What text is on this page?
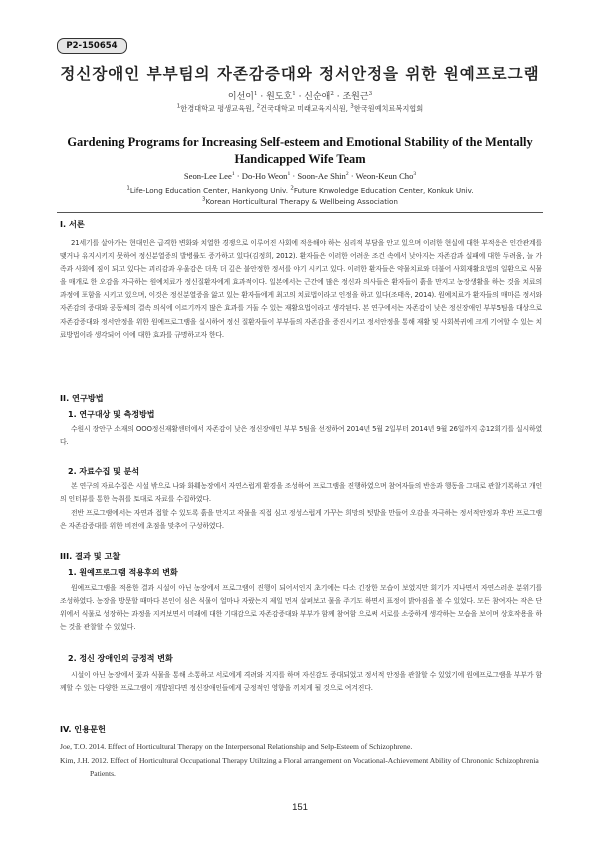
P2-150654
정신장애인 부부팀의 자존감증대와 정서안정을 위한 원예프로그램
이선이$^1$ · 원도호$^1$ · 신순애$^2$ · 조원근$^3$
$^1$한경대학교 평생교육원, $^2$건국대학교 미래교육지식원, $^3$한국원예치료복지협회
Gardening Programs for Increasing Self-esteem and Emotional Stability of the Mentally Handicapped Wife Team
Seon-Lee Lee$^1$ · Do-Ho Weon$^1$ · Soon-Ae Shin$^2$ · Weon-Keun Cho$^3$
$^1$Life-Long Education Center, Hankyong Univ. $^2$Future Knwoledge Education Center, Konkuk Univ.
$^3$Korean Horticultural Therapy & Wellbeing Association
I. 서론

21세기를 살아가는 현대인은 급격한 변화와 치열한 경쟁으로 이루어진 사회에 적응해야 하는 심리적 부담을 안고 있으며 이러한 현실에 대한 부적응은 인간관계를 맺거나 유지시키지 못하여 정신분열증의 발병률도 증가하고 있다(김정희, 2012). 환자들은 이러한 어려운 조건 속에서 낮아지는 자존감과 실패에 대한 두려움, 늘 가족과 사회에 짐이 되고 있다는 괴리감과 우울감은 더욱 더 깊은 불안정한 정서를 야기 시키고 있다. 이러한 환자들은 약물치료와 더불어 사회재활요법의 일환으로 식물을 매개로 한 오감을 자극하는 원예치료가 정신질환자에게 효과적이다. 일본에서는 근간에 많은 정신과 의사들은 환자들이 흙을 만지고 농장생활을 하는 것을 치료의 과정에 포함을 시키고 있으며, 이것은 정신분열증을 앓고 있는 환자들에게 최고의 치료법이라고 인정을 하고 있다(조태옥, 2014). 원예치료가 환자들의 매마른 정서와 자존감의 증대와 공동체의 결속 의식에 이르기까지 많은 효과를 거둘 수 있는 재활요법이라고 생각된다. 본 연구에서는 자존감이 낮은 정신장애인 부부5팀을 대상으로 자존감증대와 정서안정을 위한 원예프로그램을 실시하여 정신 질환자들이 부부들의 자존감을 증진시키고 정서안정을 통해 재활 및 사회복귀에 크게 기여할 수 있는 치료방법이라 생각되어 이에 대한 효과를 규명하고자 한다.

II. 연구방법
1. 연구대상 및 측정방법

수원시 장안구 소재의 OOO정신재활센터에서 자존감이 낮은 정신장애인 부부 5팀을 선정하여 2014년 5월 2일부터 2014년 9월 26일까지 총12회기를 실시하였다.

2. 자료수집 및 분석

본 연구의 자료수집은 시설 밖으로 나와 화훼농장에서 자연스럽게 환경을 조성하여 프로그램을 진행하였으며 참여자들의 반응과 행동을 그대로 관찰기록하고 개인의 인터뷰를 통한 녹취를 토대로 자료를 수집하였다.

전반 프로그램에서는 자연과 접할 수 있도록 흙을 만지고 작물을 직접 심고 정성스럽게 가꾸는 희망의 텃밭을 만들어 오감을 자극하는 정서적안정과 후반 프로그램은 자존감증대를 위한 비전에 초점을 맞추어 구성하였다.

III. 결과 및 고찰
1. 원예프로그램 적용후의 변화

원예프로그램을 적용한 결과 시설이 아닌 농장에서 프로그램이 진행이 되어서인지 초기에는 다소 긴장한 모습이 보였지만 회기가 지나면서 자연스러운 분위기를 조성하였다. 농장을 방문할 때마다 본인이 심은 식물이 얼마나 자랐는지 제일 먼저 살펴보고 물을 주기도 하면서 표정이 밝아짐을 볼 수 있었다. 모든 참여자는 작은 단위에서 식물로 성장하는 과정을 지켜보면서 미래에 대한 기대감으로 자존감증대와 부부가 함께 참여함 으로써 서로를 소중하게 생각하는 모습을 보이며 상호작용을 하는 것을 관찰할 수 있었다.

2. 정신 장애인의 긍정적 변화

시설이 아닌 농장에서 꽃과 식물을 통해 소통하고 서로에게 격려와 지지를 하며 자신감도 증대되었고 정서적 안정을 관찰할 수 있었기에 원예프로그램을 부부가 함께할 수 있는 다양한 프로그램이 개발된다면 정신장애인들에게 긍정적인 영향을 끼치게 될 것으로 여겨진다.

IV. 인용문헌

Joe, T.O. 2014. Effect of Horticultural Therapy on the Interpersonal Relationship and Selp-Esteem of Schizophrene.

Kim, J.H. 2012. Effect of Horticultural Occupational Therapy Utiltzing a Floral arrangement on Vocational-Achievement Ability of Chrononic Schizophrenia Patients.

151
